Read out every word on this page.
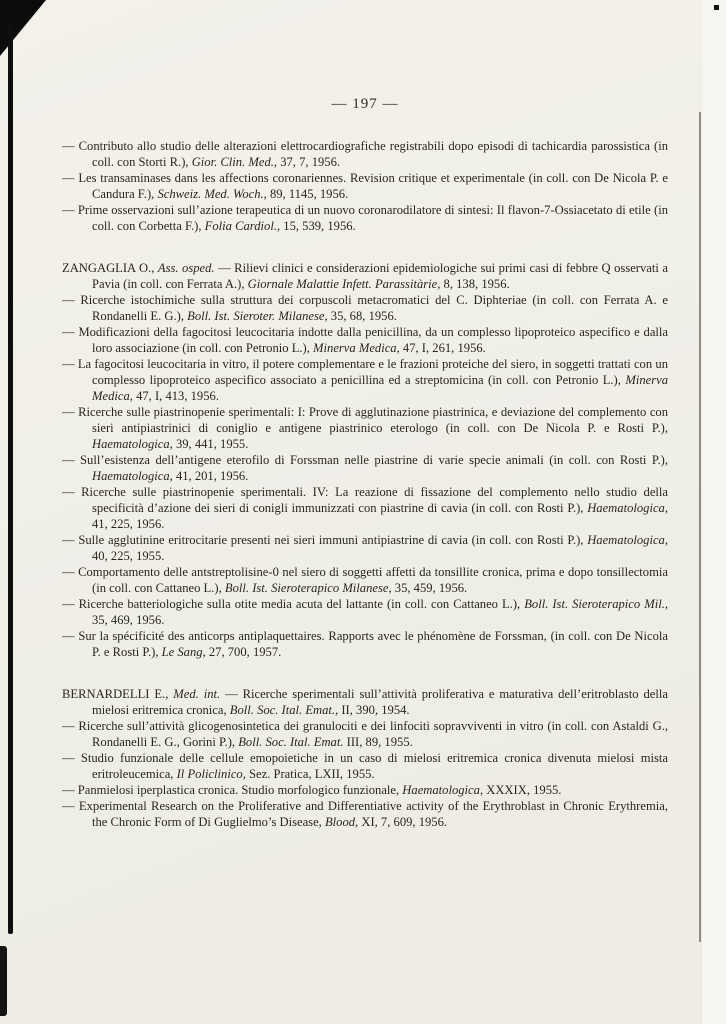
— 197 —

— Contributo allo studio delle alterazioni elettrocardiografiche registrabili dopo episodi di tachicardia parossistica (in coll. con Storti R.), Gior. Clin. Med., 37, 7, 1956.

— Les transaminases dans les affections coronariennes. Revision critique et experimentale (in coll. con De Nicola P. e Candura F.), Schweiz. Med. Woch., 89, 1145, 1956.

— Prime osservazioni sull’azione terapeutica di un nuovo coronarodilatore di sintesi: Il flavon-7-Ossiacetato di etile (in coll. con Corbetta F.), Folia Cardiol., 15, 539, 1956.

ZANGAGLIA O., Ass. osped. — Rilievi clinici e considerazioni epidemiologiche sui primi casi di febbre Q osservati a Pavia (in coll. con Ferrata A.), Giornale Malattie Infett. Parassitàrie, 8, 138, 1956.

— Ricerche istochimiche sulla struttura dei corpuscoli metacromatici del C. Diphteriae (in coll. con Ferrata A. e Rondanelli E. G.), Boll. Ist. Sieroter. Milanese, 35, 68, 1956.

— Modificazioni della fagocitosi leucocitaria indotte dalla penicillina, da un complesso lipoproteico aspecifico e dalla loro associazione (in coll. con Petronio L.), Minerva Medica, 47, I, 261, 1956.

— La fagocitosi leucocitaria in vitro, il potere complementare e le frazioni proteiche del siero, in soggetti trattati con un complesso lipoproteico aspecifico associato a penicillina ed a streptomicina (in coll. con Petronio L.), Minerva Medica, 47, I, 413, 1956.

— Ricerche sulle piastrinopenie sperimentali: I: Prove di agglutinazione piastrinica, e deviazione del complemento con sieri antipiastrinici di coniglio e antigene piastrinico eterologo (in coll. con De Nicola P. e Rosti P.), Haematologica, 39, 441, 1955.

— Sull’esistenza dell’antigene eterofilo di Forssman nelle piastrine di varie specie animali (in coll. con Rosti P.), Haematologica, 41, 201, 1956.

— Ricerche sulle piastrinopenie sperimentali. IV: La reazione di fissazione del complemento nello studio della specificità d’azione dei sieri di conigli immunizzati con piastrine di cavia (in coll. con Rosti P.), Haematologica, 41, 225, 1956.

— Sulle agglutinine eritrocitarie presenti nei sieri immuni antipiastrine di cavia (in coll. con Rosti P.), Haematologica, 40, 225, 1955.

— Comportamento delle antstreptolisine-0 nel siero di soggetti affetti da tonsillite cronica, prima e dopo tonsillectomia (in coll. con Cattaneo L.), Boll. Ist. Sieroterapico Milanese, 35, 459, 1956.

— Ricerche batteriologiche sulla otite media acuta del lattante (in coll. con Cattaneo L.), Boll. Ist. Sieroterapico Mil., 35, 469, 1956.

— Sur la spécificité des anticorps antiplaquettaires. Rapports avec le phénomène de Forssman, (in coll. con De Nicola P. e Rosti P.), Le Sang, 27, 700, 1957.

BERNARDELLI E., Med. int. — Ricerche sperimentali sull’attività proliferativa e maturativa dell’eritroblasto della mielosi eritremica cronica, Boll. Soc. Ital. Emat., II, 390, 1954.

— Ricerche sull’attività glicogenosintetica dei granulociti e dei linfociti sopravviventi in vitro (in coll. con Astaldi G., Rondanelli E. G., Gorini P.), Boll. Soc. Ital. Emat. III, 89, 1955.

— Studio funzionale delle cellule emopoietiche in un caso di mielosi eritremica cronica divenuta mielosi mista eritroleucemica, Il Policlinico, Sez. Pratica, LXII, 1955.

— Panmielosi iperplastica cronica. Studio morfologico funzionale, Haematologica, XXXIX, 1955.

— Experimental Research on the Proliferative and Differentiative activity of the Erythroblast in Chronic Erythremia, the Chronic Form of Di Guglielmo’s Disease, Blood, XI, 7, 609, 1956.
